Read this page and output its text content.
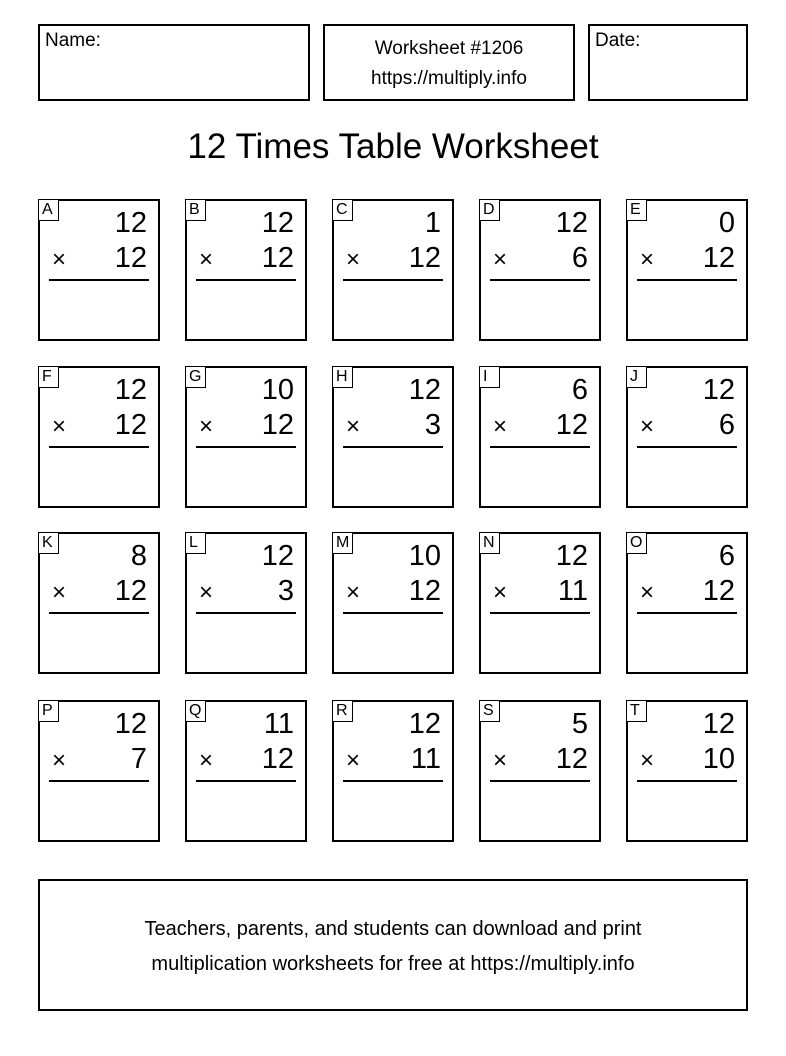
Name:	Worksheet #1206
https://multiply.info
Date:
12 Times Table Worksheet
A 12
× 12
B 12
× 12
C	1
× 12
D 12
× 6
E	0
× 12
F 12
× 12
G 10
× 12
H 12
× 3
I	6
× 12
J	12
× 6
K	8
× 12
L 12
× 3
M 10
× 12
N 12
× 11
O	6
× 12
P 12
× 7
Q 11
× 12
R 12
× 11
S	5
× 12
T 12
× 10
Teachers, parents, and students can download and print
multiplication worksheets for free at https://multiply.info
